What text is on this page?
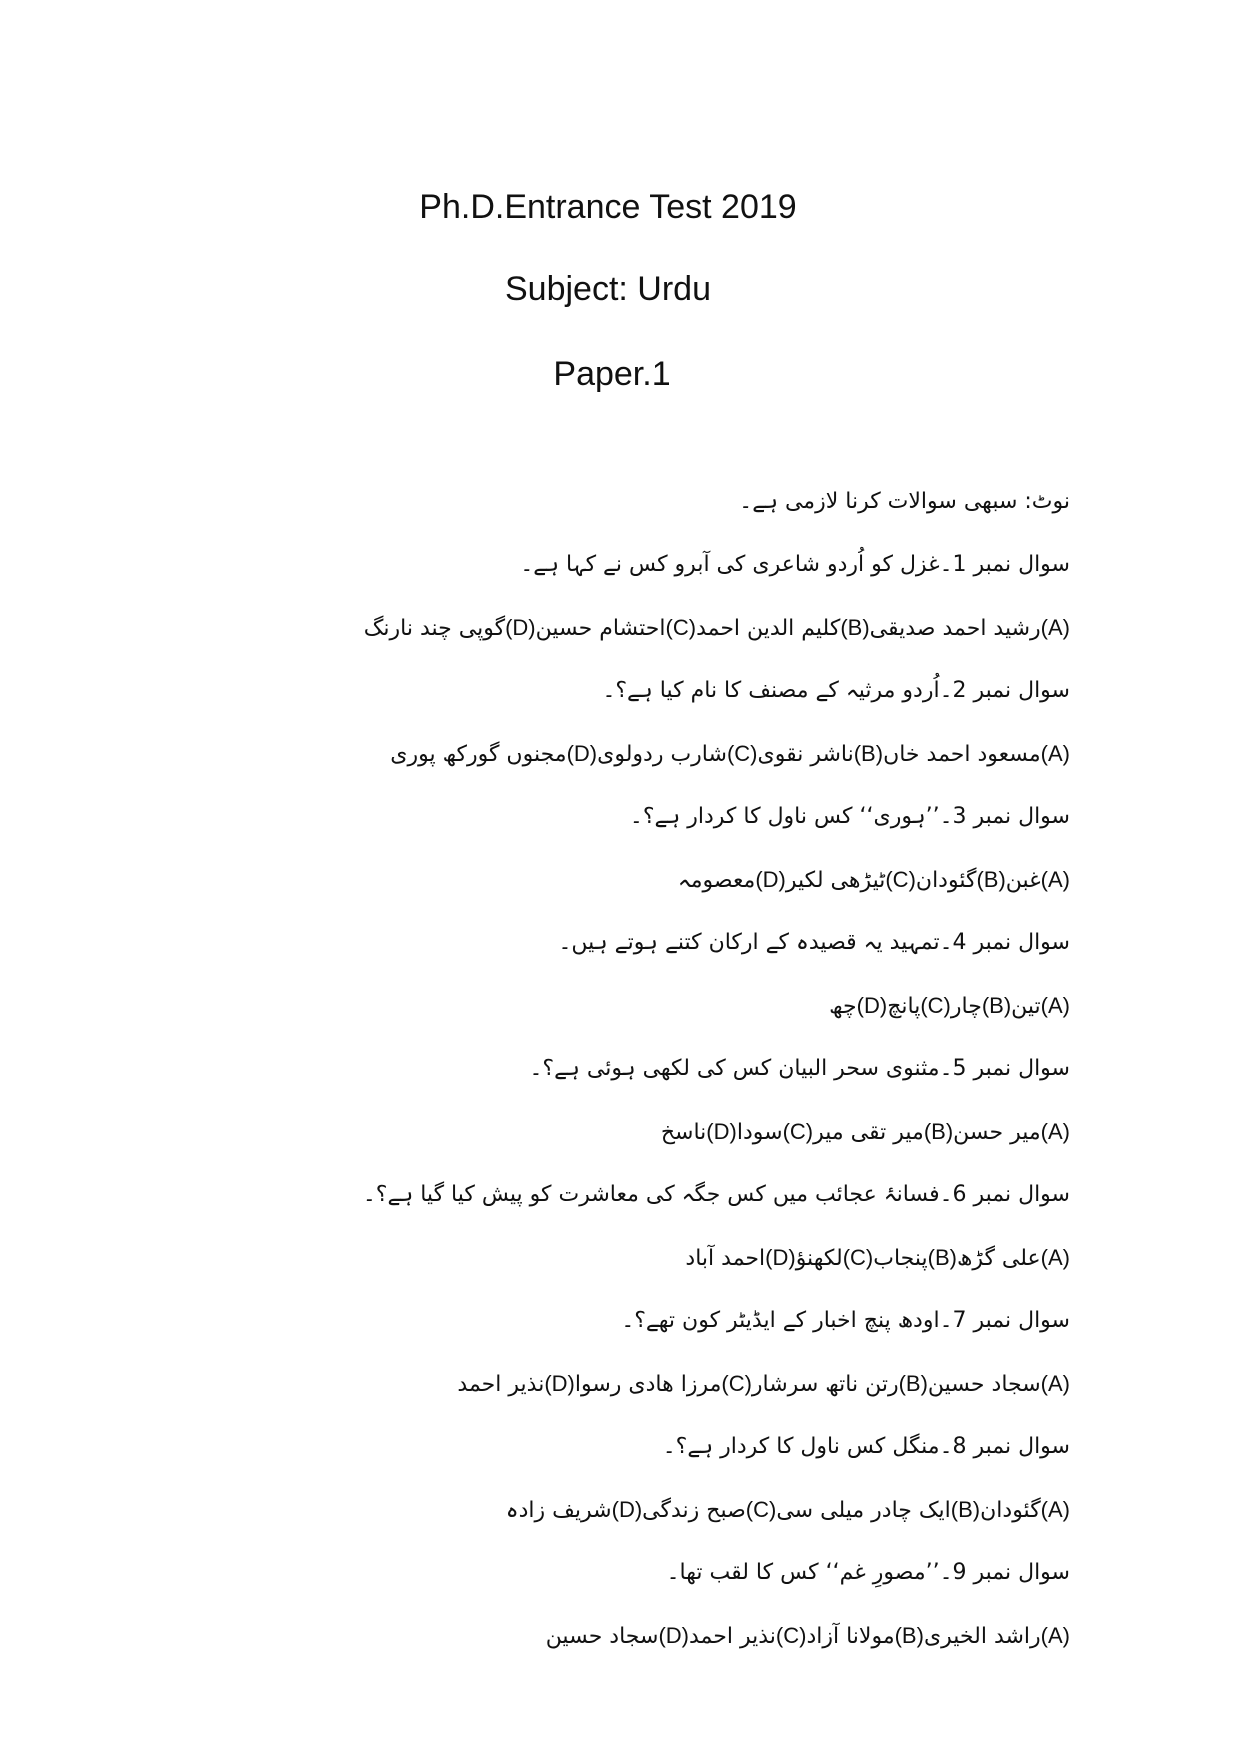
Ph.D.Entrance Test 2019
Subject: Urdu
Paper.1
نوٹ: سبھی سوالات کرنا لازمی ہے۔
سوال نمبر 1۔غزل کو اُردو شاعری کی آبرو کس نے کہا ہے۔
(A)رشید احمد صدیقی(B)کلیم الدین احمد(C)احتشام حسین(D)گوپی چند نارنگ
سوال نمبر 2۔اُردو مرثیہ کے مصنف کا نام کیا ہے؟۔
(A)مسعود احمد خاں(B)ناشر نقوی(C)شارب ردولوی(D)مجنوں گورکھ پوری
سوال نمبر 3۔’’ہوری‘‘ کس ناول کا کردار ہے؟۔
(A)غبن(B)گئودان(C)ٹیڑھی لکیر(D)معصومہ
سوال نمبر 4۔تمہید یہ قصیدہ کے ارکان کتنے ہوتے ہیں۔
(A)تین(B)چار(C)پانچ(D)چھ
سوال نمبر 5۔مثنوی سحر البیان کس کی لکھی ہوئی ہے؟۔
(A)میر حسن(B)میر تقی میر(C)سودا(D)ناسخ
سوال نمبر 6۔فسانۂ عجائب میں کس جگہ کی معاشرت کو پیش کیا گیا ہے؟۔
(A)علی گڑھ(B)پنجاب(C)لکھنؤ(D)احمد آباد
سوال نمبر 7۔اودھ پنچ اخبار کے ایڈیٹر کون تھے؟۔
(A)سجاد حسین(B)رتن ناتھ سرشار(C)مرزا ھادی رسوا(D)نذیر احمد
سوال نمبر 8۔منگل کس ناول کا کردار ہے؟۔
(A)گئودان(B)ایک چادر میلی سی(C)صبح زندگی(D)شریف زادہ
سوال نمبر 9۔’’مصورِ غم‘‘ کس کا لقب تھا۔
(A)راشد الخیری(B)مولانا آزاد(C)نذیر احمد(D)سجاد حسین
